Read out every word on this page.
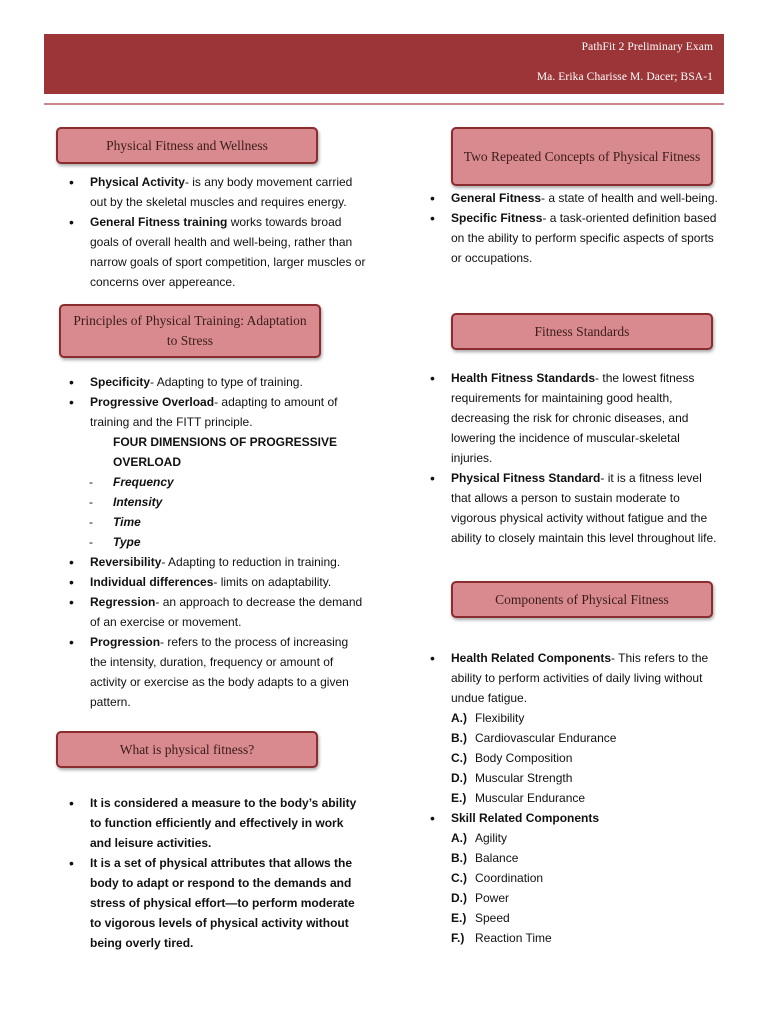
PathFit 2 Preliminary Exam
Ma. Erika Charisse M. Dacer; BSA-1
Physical Fitness and Wellness
• Physical Activity- is any body movement carried out by the skeletal muscles and requires energy.
• General Fitness training works towards broad goals of overall health and well-being, rather than narrow goals of sport competition, larger muscles or concerns over appereance.
Principles of Physical Training: Adaptation to Stress
• Specificity- Adapting to type of training.
• Progressive Overload- adapting to amount of training and the FITT principle.
FOUR DIMENSIONS OF PROGRESSIVE OVERLOAD
- Frequency
- Intensity
- Time
- Type
• Reversibility- Adapting to reduction in training.
• Individual differences- limits on adaptability.
• Regression- an approach to decrease the demand of an exercise or movement.
• Progression- refers to the process of increasing the intensity, duration, frequency or amount of activity or exercise as the body adapts to a given pattern.
What is physical fitness?
• It is considered a measure to the body’s ability to function efficiently and effectively in work and leisure activities.
• It is a set of physical attributes that allows the body to adapt or respond to the demands and stress of physical effort—to perform moderate to vigorous levels of physical activity without being overly tired.
Two Repeated Concepts of Physical Fitness
• General Fitness- a state of health and well-being.
• Specific Fitness- a task-oriented definition based on the ability to perform specific aspects of sports or occupations.
Fitness Standards
• Health Fitness Standards- the lowest fitness requirements for maintaining good health, decreasing the risk for chronic diseases, and lowering the incidence of muscular-skeletal injuries.
• Physical Fitness Standard- it is a fitness level that allows a person to sustain moderate to vigorous physical activity without fatigue and the ability to closely maintain this level throughout life.
Components of Physical Fitness
• Health Related Components- This refers to the ability to perform activities of daily living without undue fatigue.
A.) Flexibility
B.) Cardiovascular Endurance
C.) Body Composition
D.) Muscular Strength
E.) Muscular Endurance
• Skill Related Components
A.) Agility
B.) Balance
C.) Coordination
D.) Power
E.) Speed
F.) Reaction Time
